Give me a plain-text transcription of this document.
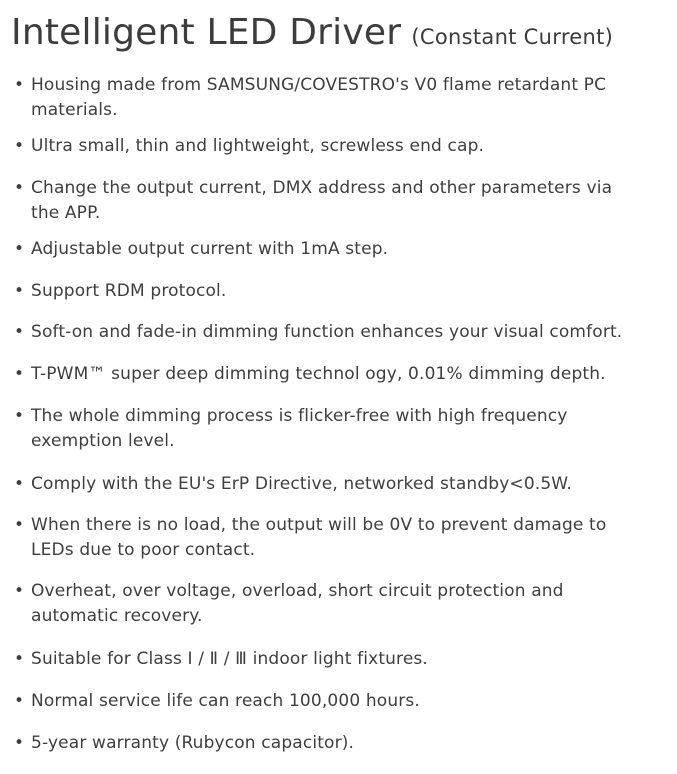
Intelligent LED Driver (Constant Current)
• Housing made from SAMSUNG/COVESTRO's V0 flame retardant PC materials.
• Ultra small, thin and lightweight, screwless end cap.
• Change the output current, DMX address and other parameters via the APP.
• Adjustable output current with 1mA step.
• Support RDM protocol.
• Soft-on and fade-in dimming function enhances your visual comfort.
• T-PWM™ super deep dimming technol ogy, 0.01% dimming depth.
• The whole dimming process is flicker-free with high frequency exemption level.
• Comply with the EU's ErP Directive, networked standby<0.5W.
• When there is no load, the output will be 0V to prevent damage to LEDs due to poor contact.
• Overheat, over voltage, overload, short circuit protection and automatic recovery.
• Suitable for Class Ⅰ / Ⅱ / Ⅲ indoor light fixtures.
• Normal service life can reach 100,000 hours.
• 5-year warranty (Rubycon capacitor).
